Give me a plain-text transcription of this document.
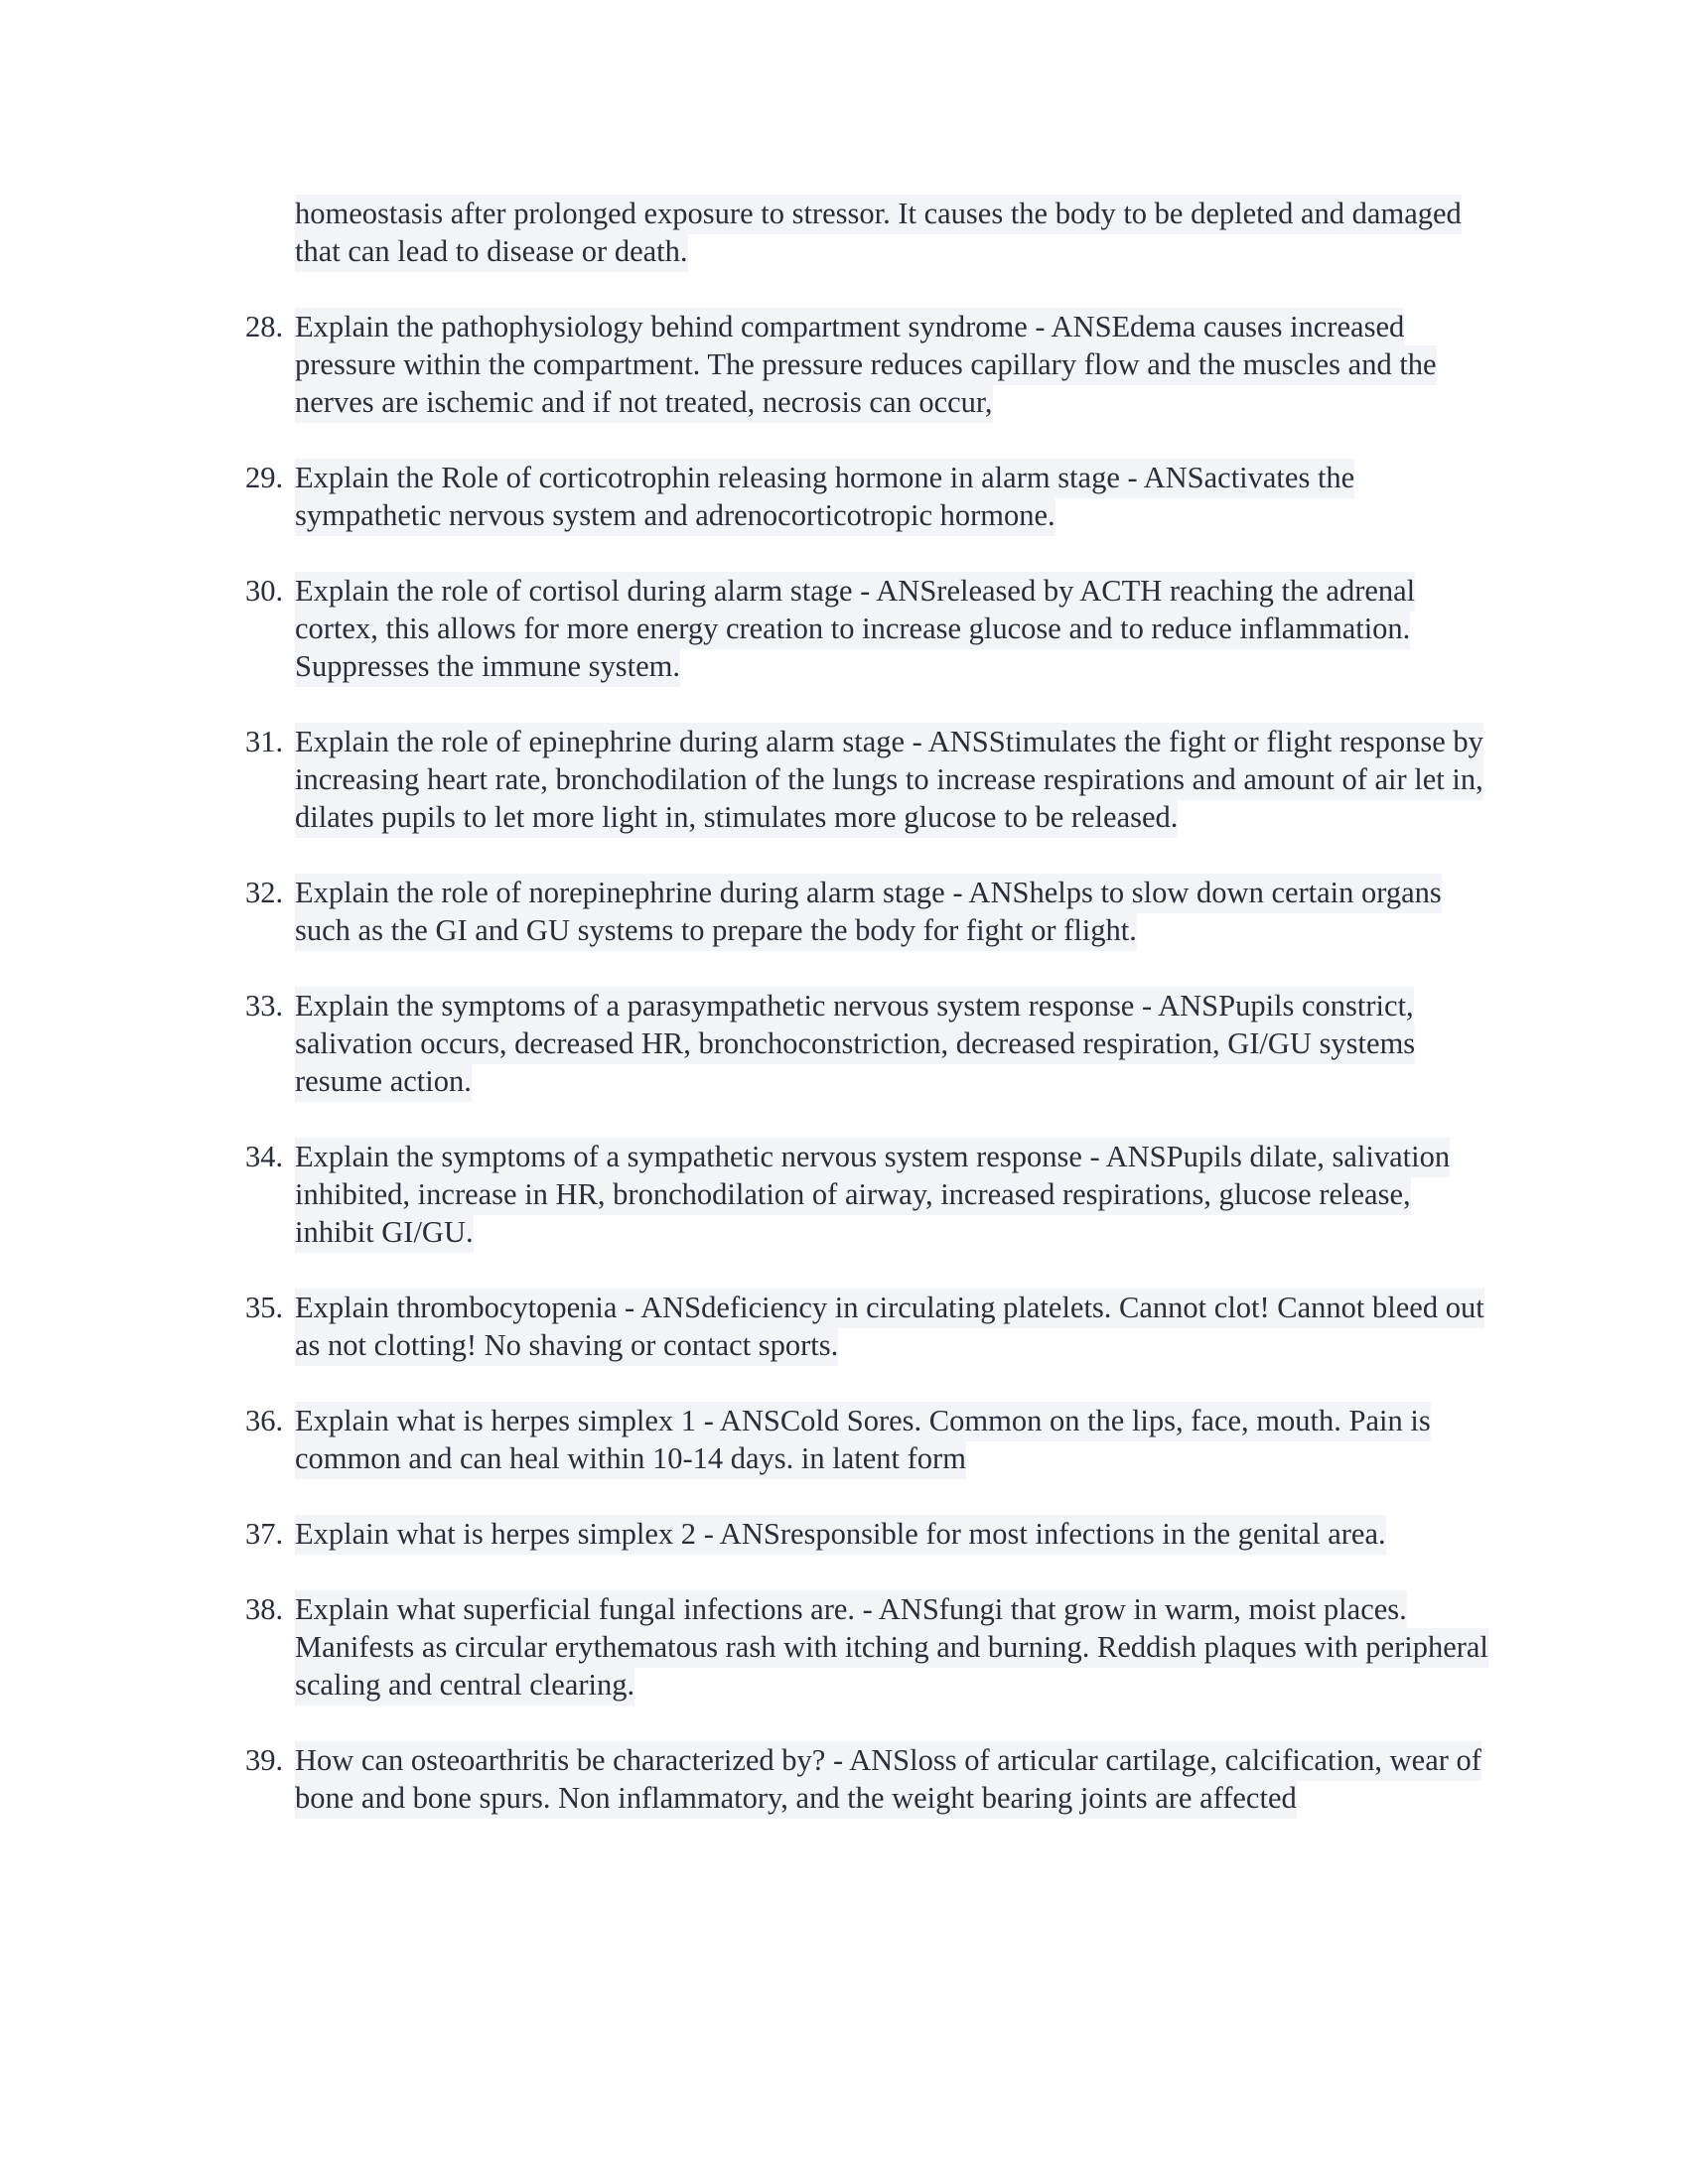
homeostasis after prolonged exposure to stressor. It causes the body to be depleted and damaged that can lead to disease or death.
28. Explain the pathophysiology behind compartment syndrome - ANSEdema causes increased pressure within the compartment. The pressure reduces capillary flow and the muscles and the nerves are ischemic and if not treated, necrosis can occur,
29. Explain the Role of corticotrophin releasing hormone in alarm stage - ANSactivates the sympathetic nervous system and adrenocorticotropic hormone.
30. Explain the role of cortisol during alarm stage - ANSreleased by ACTH reaching the adrenal cortex, this allows for more energy creation to increase glucose and to reduce inflammation. Suppresses the immune system.
31. Explain the role of epinephrine during alarm stage - ANSStimulates the fight or flight response by increasing heart rate, bronchodilation of the lungs to increase respirations and amount of air let in, dilates pupils to let more light in, stimulates more glucose to be released.
32. Explain the role of norepinephrine during alarm stage - ANShelps to slow down certain organs such as the GI and GU systems to prepare the body for fight or flight.
33. Explain the symptoms of a parasympathetic nervous system response - ANSPupils constrict, salivation occurs, decreased HR, bronchoconstriction, decreased respiration, GI/GU systems resume action.
34. Explain the symptoms of a sympathetic nervous system response - ANSPupils dilate, salivation inhibited, increase in HR, bronchodilation of airway, increased respirations, glucose release, inhibit GI/GU.
35. Explain thrombocytopenia - ANSdeficiency in circulating platelets. Cannot clot! Cannot bleed out as not clotting! No shaving or contact sports.
36. Explain what is herpes simplex 1 - ANSCold Sores. Common on the lips, face, mouth. Pain is common and can heal within 10-14 days. in latent form
37. Explain what is herpes simplex 2 - ANSresponsible for most infections in the genital area.
38. Explain what superficial fungal infections are. - ANSfungi that grow in warm, moist places. Manifests as circular erythematous rash with itching and burning. Reddish plaques with peripheral scaling and central clearing.
39. How can osteoarthritis be characterized by? - ANSloss of articular cartilage, calcification, wear of bone and bone spurs. Non inflammatory, and the weight bearing joints are affected
